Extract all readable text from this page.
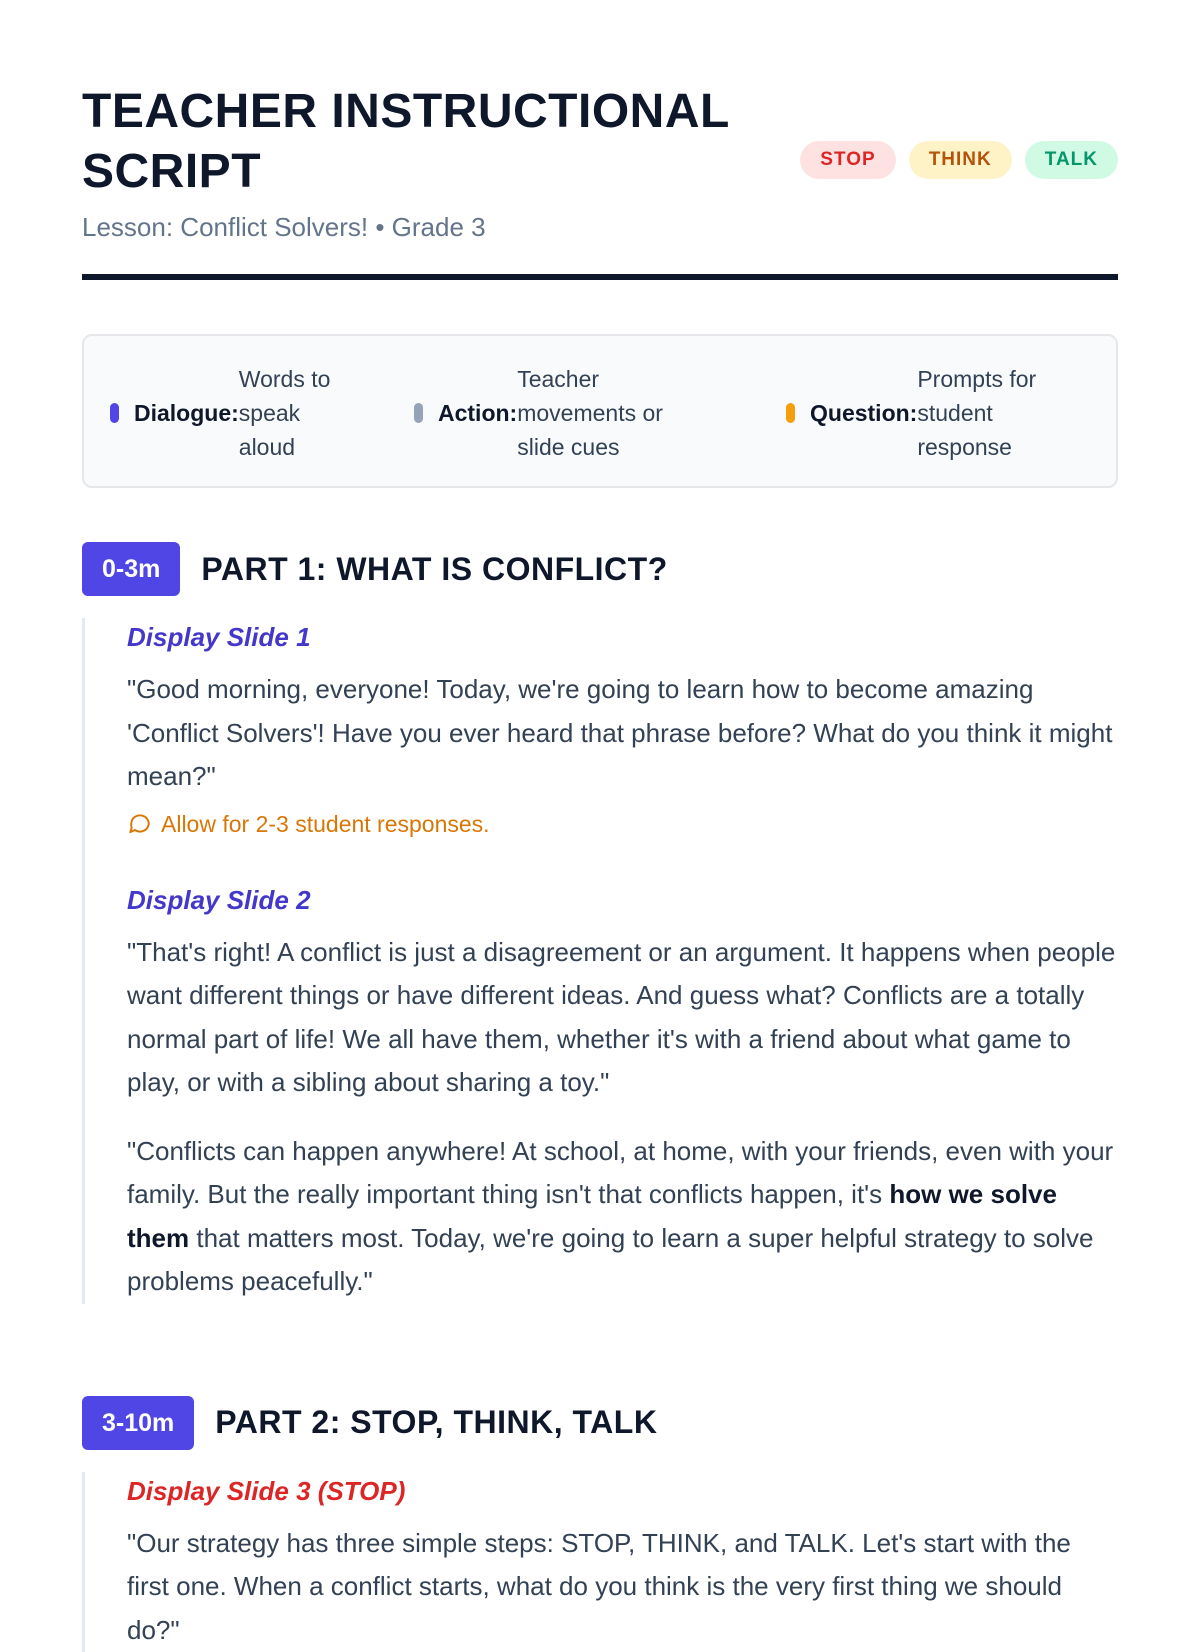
TEACHER INSTRUCTIONAL SCRIPT
Lesson: Conflict Solvers! • Grade 3
STOP	THINK	TALK
Dialogue:
Words to speak aloud
Action:
Teacher movements or slide cues
Question:
Prompts for student response
0-3m	PART 1: WHAT IS CONFLICT?

Display Slide 1

"Good morning, everyone! Today, we're going to learn how to become amazing 'Conflict Solvers'! Have you ever heard that phrase before? What do you think it might mean?"

Allow for 2-3 student responses.

Display Slide 2

"That's right! A conflict is just a disagreement or an argument. It happens when people want different things or have different ideas. And guess what? Conflicts are a totally normal part of life! We all have them, whether it's with a friend about what game to play, or with a sibling about sharing a toy."

"Conflicts can happen anywhere! At school, at home, with your friends, even with your family. But the really important thing isn't that conflicts happen, it's how we solve them that matters most. Today, we're going to learn a super helpful strategy to solve problems peacefully."

3-10m	PART 2: STOP, THINK, TALK

Display Slide 3 (STOP)

"Our strategy has three simple steps: STOP, THINK, and TALK. Let's start with the first one. When a conflict starts, what do you think is the very first thing we should do?"
